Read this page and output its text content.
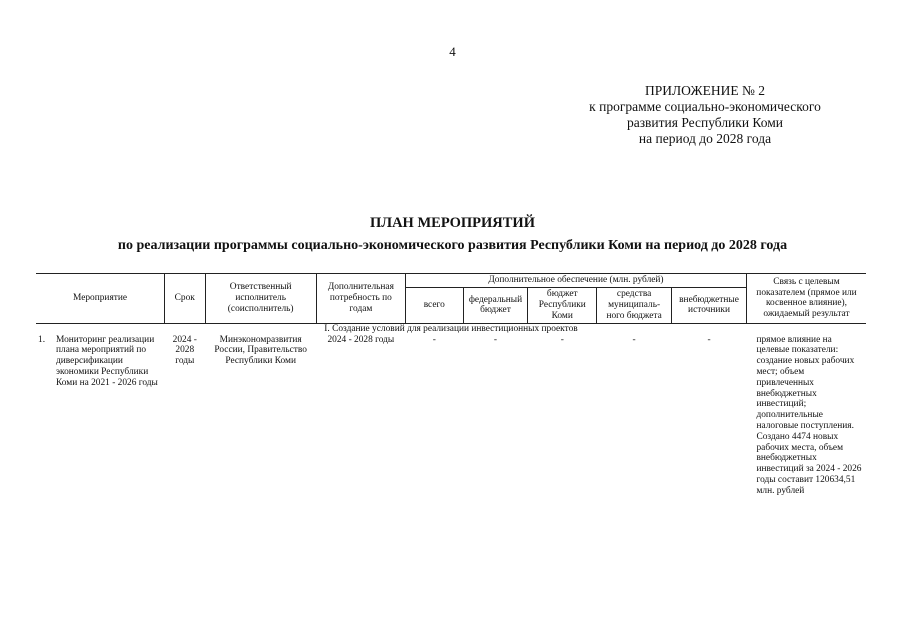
4
ПРИЛОЖЕНИЕ № 2
к программе социально-экономического
развития Республики Коми
на период до 2028 года
ПЛАН МЕРОПРИЯТИЙ
по реализации программы социально-экономического развития Республики Коми на период до 2028 года
Мероприятие	Срок	Ответственный исполнитель (соисполнитель)	Дополнительная потребность по годам	Дополнительное обеспечение (млн. рублей)					Связь с целевым показателем (прямое или косвенное влияние), ожидаемый результат
				всего	федеральный бюджет	бюджет Республики Коми	средства муниципаль-ного бюджета	внебюджетные источники	
I. Создание условий для реализации инвестиционных проектов									

1. Мониторинг реализации плана мероприятий по диверсификации экономики Республики Коми на 2021 - 2026 годы	2024 - 2028 годы	Минэкономразвития России, Правительство Республики Коми	2024 - 2028 годы	-	-	-	-	-	прямое влияние на целевые показатели: создание новых рабочих мест; объем привлеченных внебюджетных инвестиций; дополнительные налоговые поступления. Создано 4474 новых рабочих места, объем внебюджетных инвестиций за 2024 - 2026 годы составит 120634,51 млн. рублей
